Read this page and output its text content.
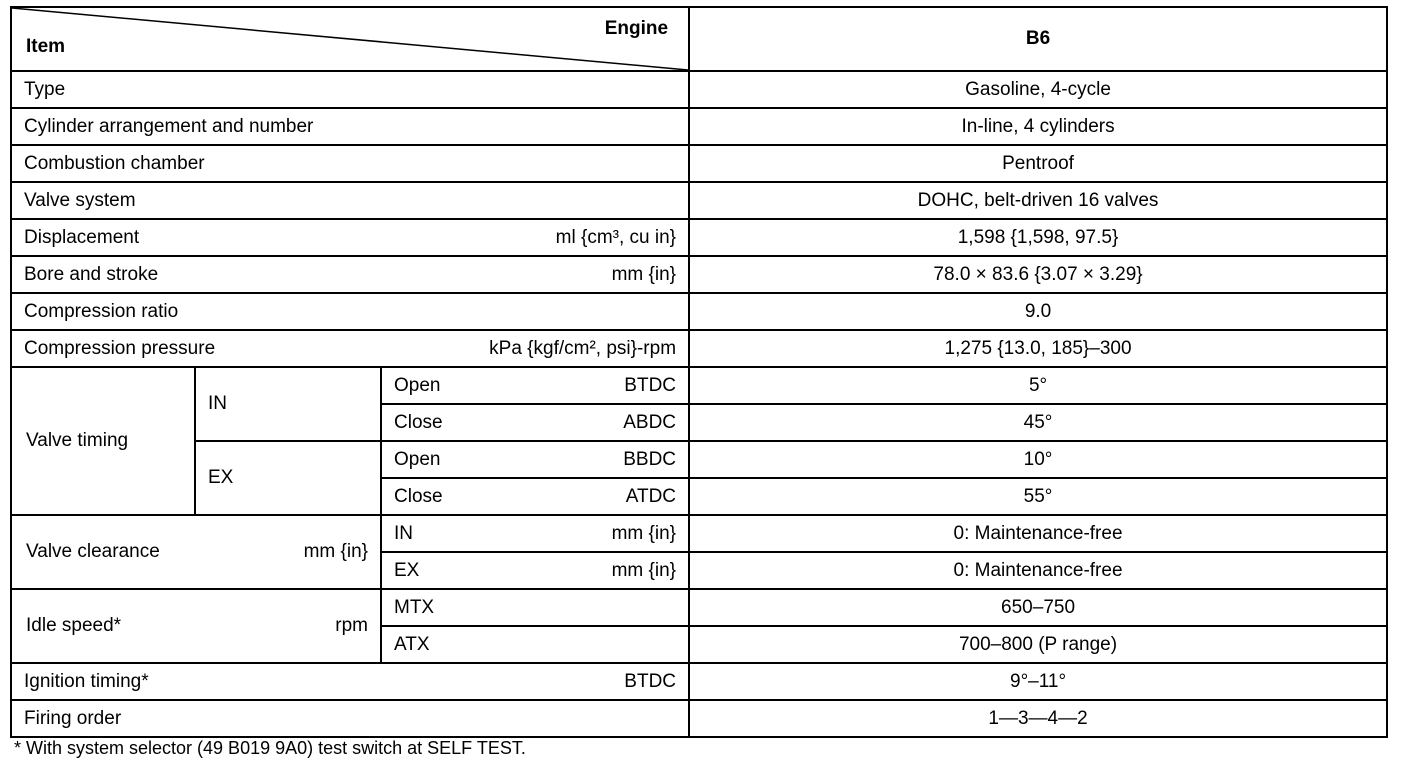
Engine
Item			B6
Type			Gasoline, 4-cycle
Cylinder arrangement and number			In-line, 4 cylinders
Combustion chamber			Pentroof
Valve system			DOHC, belt-driven 16 valves

Displacement ml {cm³, cu in}			1,598 {1,598, 97.5}

Bore and stroke mm {in}			78.0 × 83.6 {3.07 × 3.29}
Compression ratio			9.0

Compression pressure kPa {kgf/cm², psi}-rpm			1,275 {13.0, 185}–300
Valve timing	IN	Open BTDC	5°

		Close ABDC	45°
	EX	Open BBDC	10°

		Close ATDC	55°

Valve clearance mm {in}		IN mm {in}	0: Maintenance-free

		EX mm {in}	0: Maintenance-free

Idle speed* rpm		MTX	650–750
		ATX	700–800 (P range)

Ignition timing* BTDC			9°–11°
Firing order			1—3—4—2
* With system selector (49 B019 9A0) test switch at SELF TEST.
